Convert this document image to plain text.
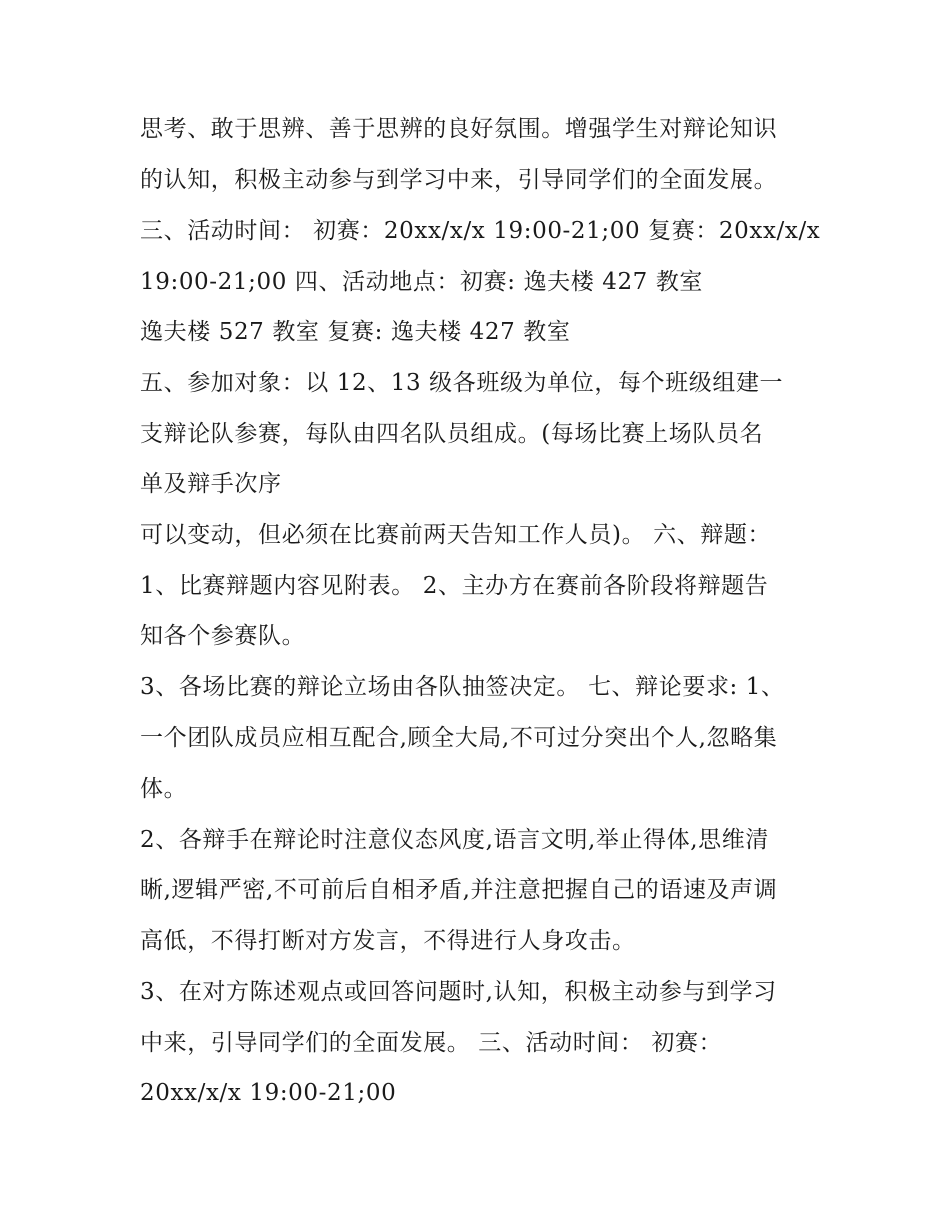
思考、敢于思辨、善于思辨的良好氛围。增强学生对辩论知识
的认知，积极主动参与到学习中来，引导同学们的全面发展。
三、活动时间： 初赛：20xx/x/x 19:00-21;00 复赛：20xx/x/x
19:00-21;00 四、活动地点：初赛: 逸夫楼 427 教室
逸夫楼 527 教室 复赛: 逸夫楼 427 教室
五、参加对象：以 12、13 级各班级为单位，每个班级组建一
支辩论队参赛，每队由四名队员组成。(每场比赛上场队员名
单及辩手次序
可以变动，但必须在比赛前两天告知工作人员)。 六、辩题：
1、比赛辩题内容见附表。 2、主办方在赛前各阶段将辩题告
知各个参赛队。
3、各场比赛的辩论立场由各队抽签决定。 七、辩论要求: 1、
一个团队成员应相互配合,顾全大局,不可过分突出个人,忽略集
体。
2、各辩手在辩论时注意仪态风度,语言文明,举止得体,思维清
晰,逻辑严密,不可前后自相矛盾,并注意把握自己的语速及声调
高低，不得打断对方发言，不得进行人身攻击。
3、在对方陈述观点或回答问题时,认知，积极主动参与到学习
中来，引导同学们的全面发展。 三、活动时间： 初赛：
20xx/x/x 19:00-21;00
